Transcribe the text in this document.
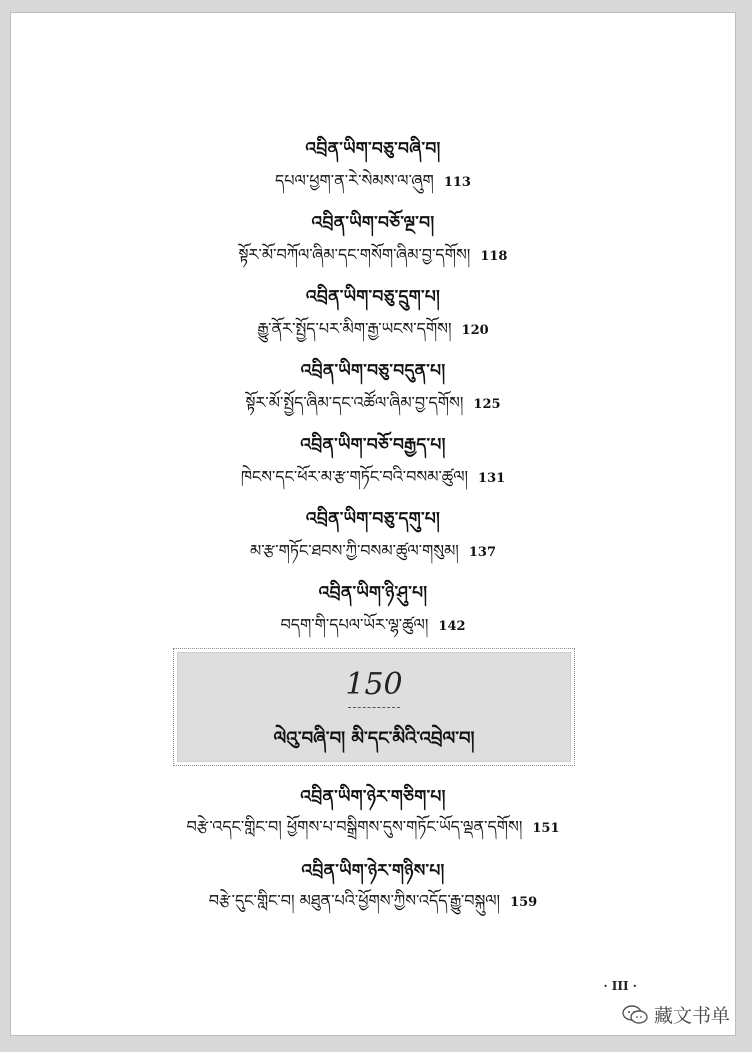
འབྲིན་ཡིག་བཅུ་བཞི་བ།
དཔལ་ཕྱག་ན་རེ་སེམས་ལ་ཞུག 113
འབྲིན་ཡིག་བཅོ་ལྔ་བ།
སྟོར་མོ་བཀོལ་ཞིམ་དང་གསོག་ཞིམ་བྱ་དགོས། 118
འབྲིན་ཡིག་བཅུ་དྲུག་པ།
རྒྱུ་ནོར་སྤྱོད་པར་མིག་རྒྱ་ཡངས་དགོས། 120
འབྲིན་ཡིག་བཅུ་བདུན་པ།
སྟོར་མོ་སྤྱོད་ཞིམ་དང་འཚོལ་ཞིམ་བྱ་དགོས། 125
འབྲིན་ཡིག་བཅོ་བརྒྱད་པ།
ཁེངས་དང་ཕོར་མ་རྩ་གཏོང་བའི་བསམ་ཚུལ། 131
འབྲིན་ཡིག་བཅུ་དགུ་པ།
མ་རྩ་གཏོང་ཐབས་ཀྱི་བསམ་ཚུལ་གསུམ། 137
འབྲིན་ཡིག་ཉི་ཤུ་པ།
བདག་གི་དཔལ་ཡོར་ལྷ་ཚུལ། 142
150
ལེའུ་བཞི་བ། མི་དང་མིའི་འབྲེལ་བ།
འབྲིན་ཡིག་ཉེར་གཅིག་པ།
བརྩེ་འདང་གླིང་བ། ཕྱོགས་པ་བསྒྲིགས་དུས་གཏོང་ཡོད་ལྡན་དགོས། 151
འབྲིན་ཡིག་ཉེར་གཉིས་པ།
བརྩེ་དུང་གླིང་བ། མཐུན་པའི་ཕྱོགས་ཀྱིས་འདོད་རྒྱུ་བསྐུལ། 159
· III ·
藏文书单
